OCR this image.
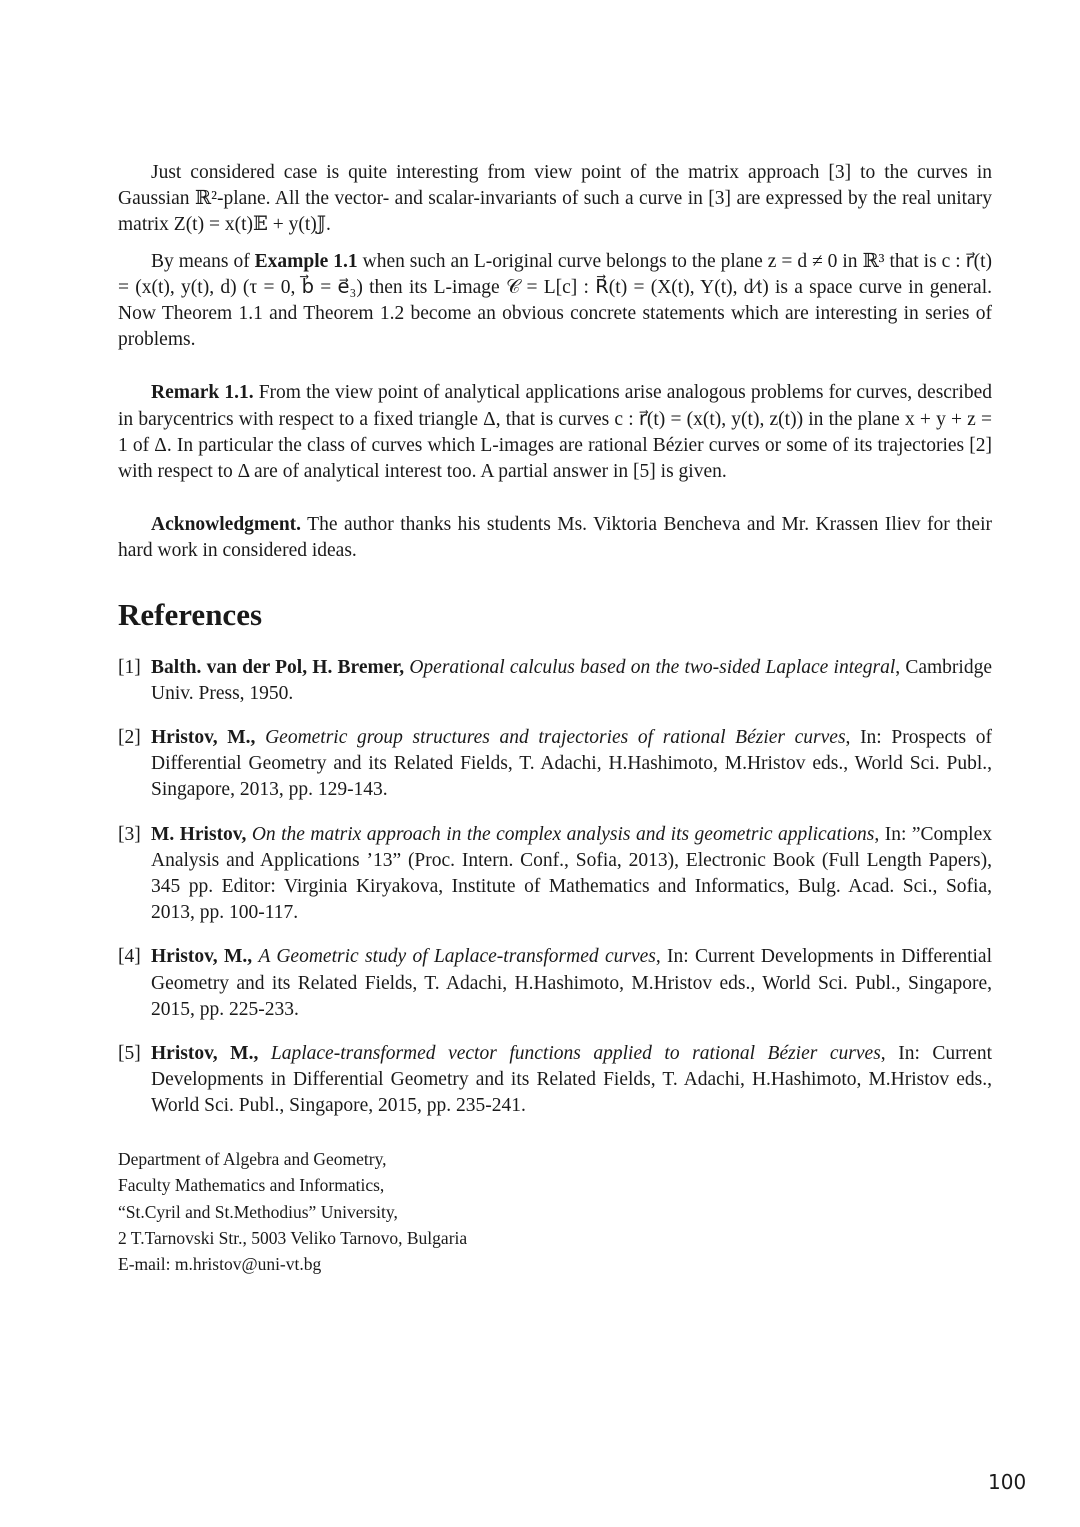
Just considered case is quite interesting from view point of the matrix approach [3] to the curves in Gaussian ℝ²-plane. All the vector- and scalar-invariants of such a curve in [3] are expressed by the real unitary matrix Z(t) = x(t)𝔼 + y(t)𝕁.

By means of Example 1.1 when such an L-original curve belongs to the plane z = d ≠ 0 in ℝ³ that is c : r⃗(t) = (x(t), y(t), d) (τ = 0, b⃗ = e⃗₃) then its L-image 𝒞 = L[c] : R⃗(t) = (X(t), Y(t), d⁄t) is a space curve in general. Now Theorem 1.1 and Theorem 1.2 become an obvious concrete statements which are interesting in series of problems.

Remark 1.1. From the view point of analytical applications arise analogous problems for curves, described in barycentrics with respect to a fixed triangle Δ, that is curves c : r⃗(t) = (x(t), y(t), z(t)) in the plane x + y + z = 1 of Δ. In particular the class of curves which L-images are rational Bézier curves or some of its trajectories [2] with respect to Δ are of analytical interest too. A partial answer in [5] is given.

Acknowledgment. The author thanks his students Ms. Viktoria Bencheva and Mr. Krassen Iliev for their hard work in considered ideas.

References
[1] Balth. van der Pol, H. Bremer, Operational calculus based on the two-sided Laplace integral, Cambridge Univ. Press, 1950.
[2] Hristov, M., Geometric group structures and trajectories of rational Bézier curves, In: Prospects of Differential Geometry and its Related Fields, T. Adachi, H.Hashimoto, M.Hristov eds., World Sci. Publ., Singapore, 2013, pp. 129-143.
[3] M. Hristov, On the matrix approach in the complex analysis and its geometric applications, In: ”Complex Analysis and Applications ’13” (Proc. Intern. Conf., Sofia, 2013), Electronic Book (Full Length Papers), 345 pp. Editor: Virginia Kiryakova, Institute of Mathematics and Informatics, Bulg. Acad. Sci., Sofia, 2013, pp. 100-117.
[4] Hristov, M., A Geometric study of Laplace-transformed curves, In: Current Developments in Differential Geometry and its Related Fields, T. Adachi, H.Hashimoto, M.Hristov eds., World Sci. Publ., Singapore, 2015, pp. 225-233.
[5] Hristov, M., Laplace-transformed vector functions applied to rational Bézier curves, In: Current Developments in Differential Geometry and its Related Fields, T. Adachi, H.Hashimoto, M.Hristov eds., World Sci. Publ., Singapore, 2015, pp. 235-241.
Department of Algebra and Geometry,
Faculty Mathematics and Informatics,
“St.Cyril and St.Methodius” University,
2 T.Tarnovski Str., 5003 Veliko Tarnovo, Bulgaria
E-mail: m.hristov@uni-vt.bg
100
